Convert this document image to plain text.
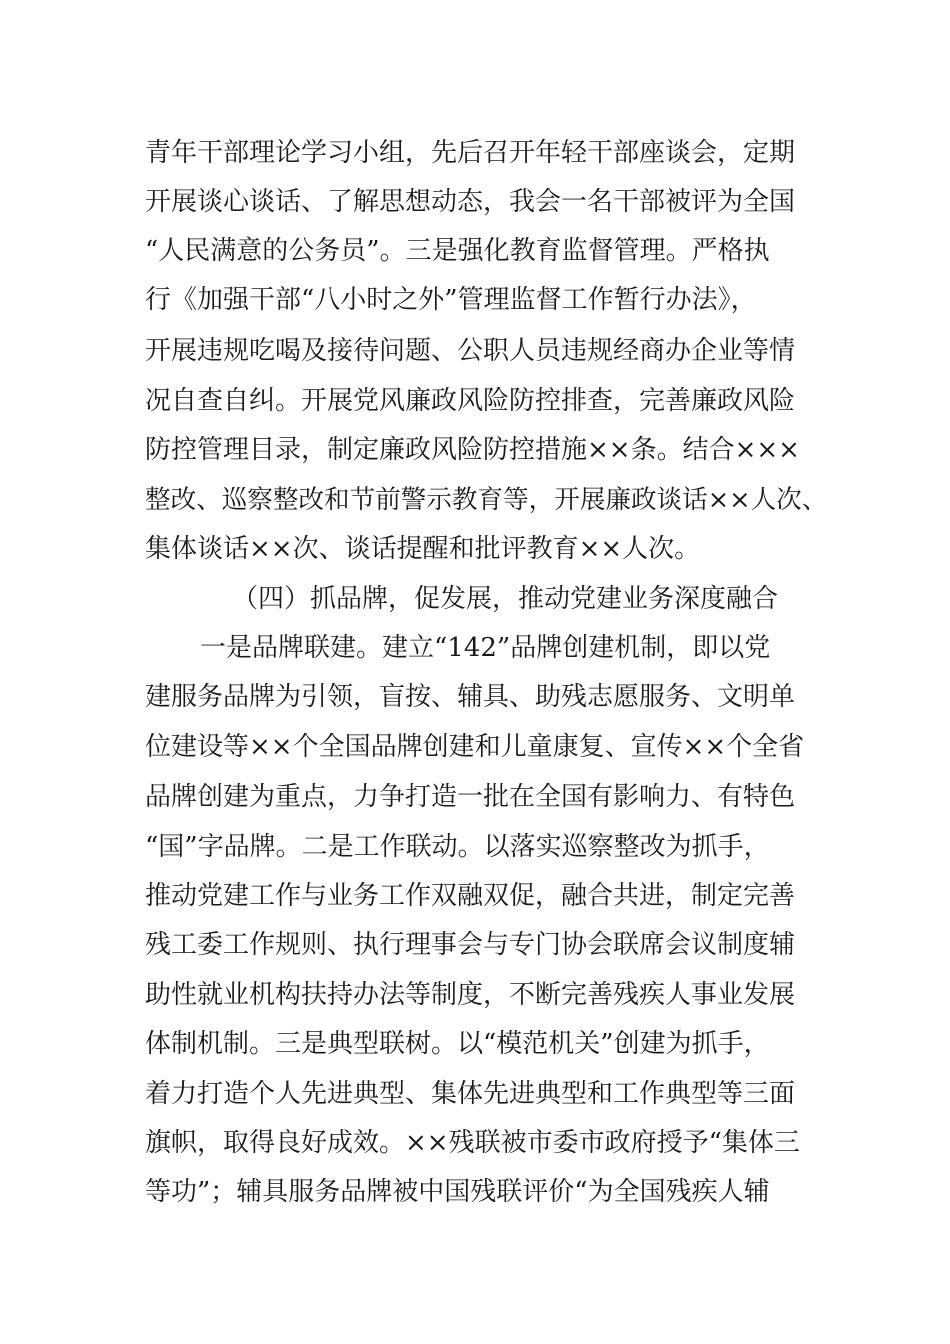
青年干部理论学习小组，先后召开年轻干部座谈会，定期
开展谈心谈话、了解思想动态，我会一名干部被评为全国
“人民满意的公务员”。三是强化教育监督管理。严格执
行《加强干部“八小时之外”管理监督工作暂行办法》，
开展违规吃喝及接待问题、公职人员违规经商办企业等情
况自查自纠。开展党风廉政风险防控排查，完善廉政风险
防控管理目录，制定廉政风险防控措施××条。结合×××
整改、巡察整改和节前警示教育等，开展廉政谈话××人次、
集体谈话××次、谈话提醒和批评教育××人次。
（四）抓品牌，促发展，推动党建业务深度融合
一是品牌联建。建立“142”品牌创建机制，即以党
建服务品牌为引领，盲按、辅具、助残志愿服务、文明单
位建设等××个全国品牌创建和儿童康复、宣传××个全省
品牌创建为重点，力争打造一批在全国有影响力、有特色
“国”字品牌。二是工作联动。以落实巡察整改为抓手，
推动党建工作与业务工作双融双促，融合共进，制定完善
残工委工作规则、执行理事会与专门协会联席会议制度辅
助性就业机构扶持办法等制度，不断完善残疾人事业发展
体制机制。三是典型联树。以“模范机关”创建为抓手，
着力打造个人先进典型、集体先进典型和工作典型等三面
旗帜，取得良好成效。××残联被市委市政府授予“集体三
等功”；辅具服务品牌被中国残联评价“为全国残疾人辅
